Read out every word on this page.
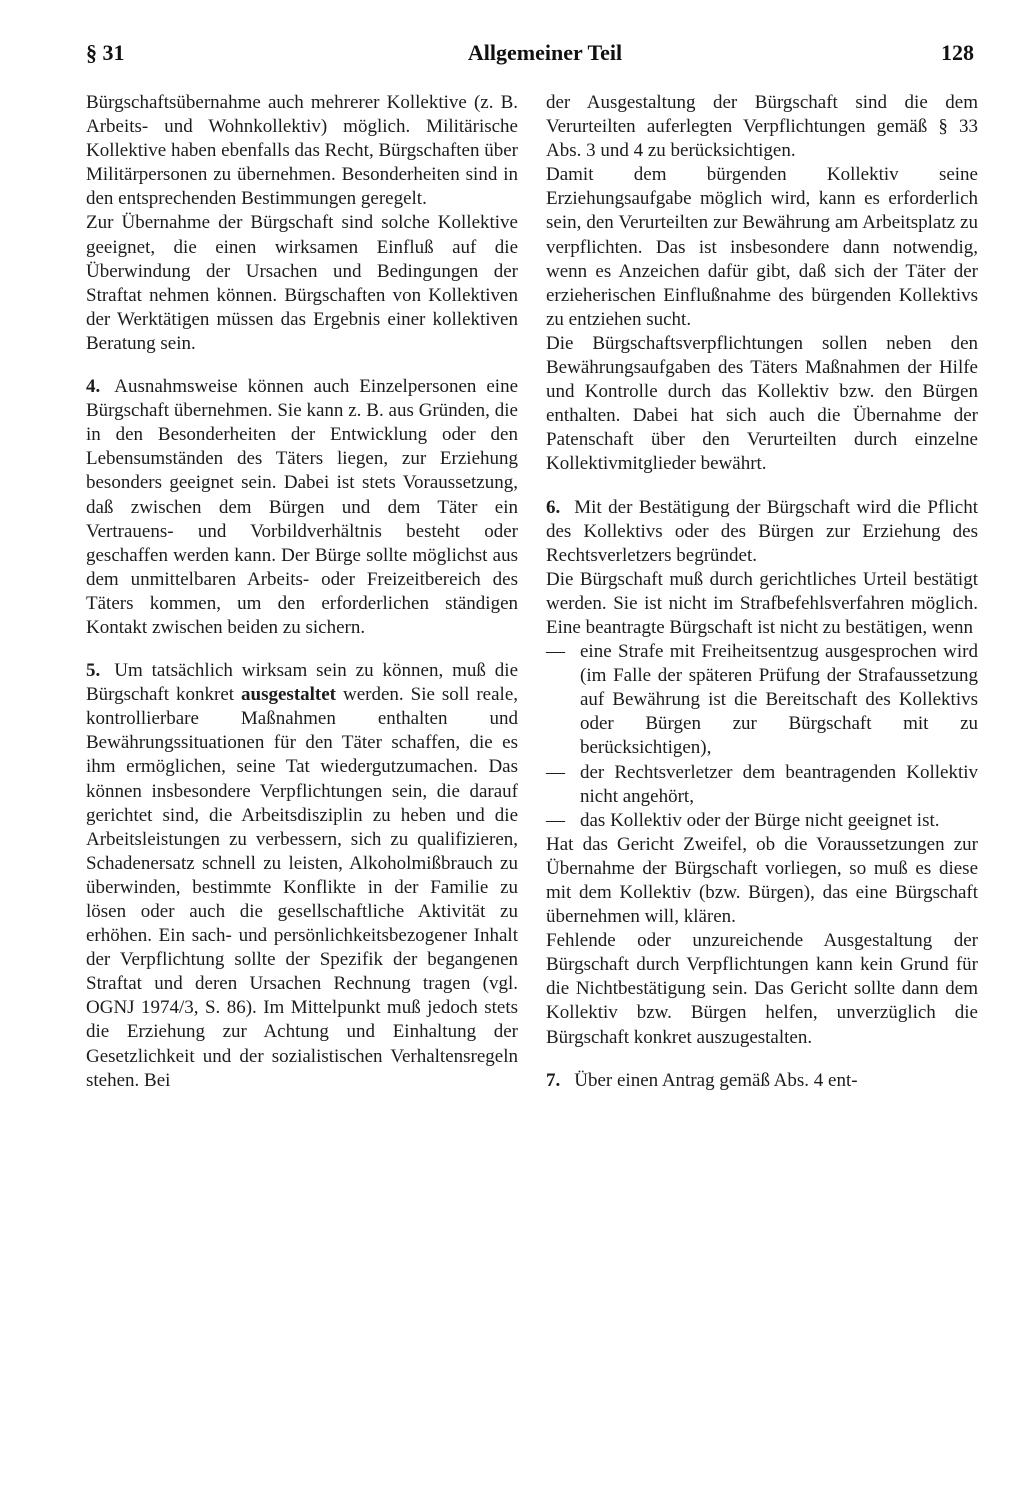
§ 31	Allgemeiner Teil	128

Bürgschaftsübernahme auch mehrerer Kollektive (z. B. Arbeits- und Wohnkollektiv) möglich. Militärische Kollektive haben ebenfalls das Recht, Bürgschaften über Militärpersonen zu übernehmen. Besonderheiten sind in den entsprechenden Bestimmungen geregelt.

Zur Übernahme der Bürgschaft sind solche Kollektive geeignet, die einen wirksamen Einfluß auf die Überwindung der Ursachen und Bedingungen der Straftat nehmen können. Bürgschaften von Kollektiven der Werktätigen müssen das Ergebnis einer kollektiven Beratung sein.

4. Ausnahmsweise können auch Einzelpersonen eine Bürgschaft übernehmen. Sie kann z. B. aus Gründen, die in den Besonderheiten der Entwicklung oder den Lebensumständen des Täters liegen, zur Erziehung besonders geeignet sein. Dabei ist stets Voraussetzung, daß zwischen dem Bürgen und dem Täter ein Vertrauens- und Vorbildverhältnis besteht oder geschaffen werden kann. Der Bürge sollte möglichst aus dem unmittelbaren Arbeits- oder Freizeitbereich des Täters kommen, um den erforderlichen ständigen Kontakt zwischen beiden zu sichern.

5. Um tatsächlich wirksam sein zu können, muß die Bürgschaft konkret ausgestaltet werden. Sie soll reale, kontrollierbare Maßnahmen enthalten und Bewährungssituationen für den Täter schaffen, die es ihm ermöglichen, seine Tat wiedergutzumachen. Das können insbesondere Verpflichtungen sein, die darauf gerichtet sind, die Arbeitsdisziplin zu heben und die Arbeitsleistungen zu verbessern, sich zu qualifizieren, Schadenersatz schnell zu leisten, Alkoholmißbrauch zu überwinden, bestimmte Konflikte in der Familie zu lösen oder auch die gesellschaftliche Aktivität zu erhöhen. Ein sach- und persönlichkeitsbezogener Inhalt der Verpflichtung sollte der Spezifik der begangenen Straftat und deren Ursachen Rechnung tragen (vgl. OGNJ 1974/3, S. 86). Im Mittelpunkt muß jedoch stets die Erziehung zur Achtung und Einhaltung der Gesetzlichkeit und der sozialistischen Verhaltensregeln stehen. Bei

der Ausgestaltung der Bürgschaft sind die dem Verurteilten auferlegten Verpflichtungen gemäß § 33 Abs. 3 und 4 zu berücksichtigen.

Damit dem bürgenden Kollektiv seine Erziehungsaufgabe möglich wird, kann es erforderlich sein, den Verurteilten zur Bewährung am Arbeitsplatz zu verpflichten. Das ist insbesondere dann notwendig, wenn es Anzeichen dafür gibt, daß sich der Täter der erzieherischen Einflußnahme des bürgenden Kollektivs zu entziehen sucht.

Die Bürgschaftsverpflichtungen sollen neben den Bewährungsaufgaben des Täters Maßnahmen der Hilfe und Kontrolle durch das Kollektiv bzw. den Bürgen enthalten. Dabei hat sich auch die Übernahme der Patenschaft über den Verurteilten durch einzelne Kollektivmitglieder bewährt.

6. Mit der Bestätigung der Bürgschaft wird die Pflicht des Kollektivs oder des Bürgen zur Erziehung des Rechtsverletzers begründet.

Die Bürgschaft muß durch gerichtliches Urteil bestätigt werden. Sie ist nicht im Strafbefehlsverfahren möglich. Eine beantragte Bürgschaft ist nicht zu bestätigen, wenn

— eine Strafe mit Freiheitsentzug ausgesprochen wird (im Falle der späteren Prüfung der Strafaussetzung auf Bewährung ist die Bereitschaft des Kollektivs oder Bürgen zur Bürgschaft mit zu berücksichtigen),
— der Rechtsverletzer dem beantragenden Kollektiv nicht angehört,
— das Kollektiv oder der Bürge nicht geeignet ist.

Hat das Gericht Zweifel, ob die Voraussetzungen zur Übernahme der Bürgschaft vorliegen, so muß es diese mit dem Kollektiv (bzw. Bürgen), das eine Bürgschaft übernehmen will, klären.

Fehlende oder unzureichende Ausgestaltung der Bürgschaft durch Verpflichtungen kann kein Grund für die Nichtbestätigung sein. Das Gericht sollte dann dem Kollektiv bzw. Bürgen helfen, unverzüglich die Bürgschaft konkret auszugestalten.

7. Über einen Antrag gemäß Abs. 4 ent-
